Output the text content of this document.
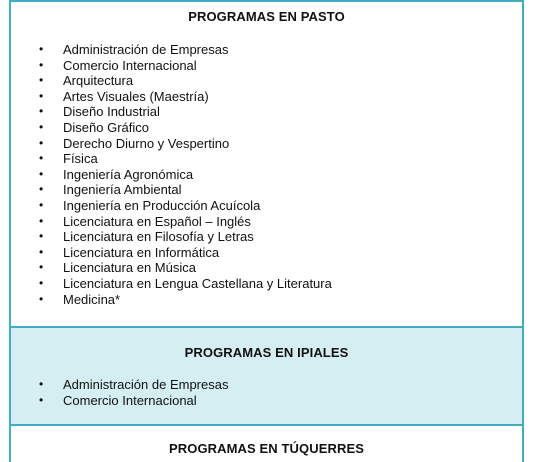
PROGRAMAS EN PASTO
• Administración de Empresas
• Comercio Internacional
• Arquitectura
• Artes Visuales (Maestría)
• Diseño Industrial
• Diseño Gráfico
• Derecho Diurno y Vespertino
• Física
• Ingeniería Agronómica
• Ingeniería Ambiental
• Ingeniería en Producción Acuícola
• Licenciatura en Español – Inglés
• Licenciatura en Filosofía y Letras
• Licenciatura en Informática
• Licenciatura en Música
• Licenciatura en Lengua Castellana y Literatura
• Medicina*
PROGRAMAS EN IPIALES
• Administración de Empresas
• Comercio Internacional
PROGRAMAS EN TÚQUERRES
